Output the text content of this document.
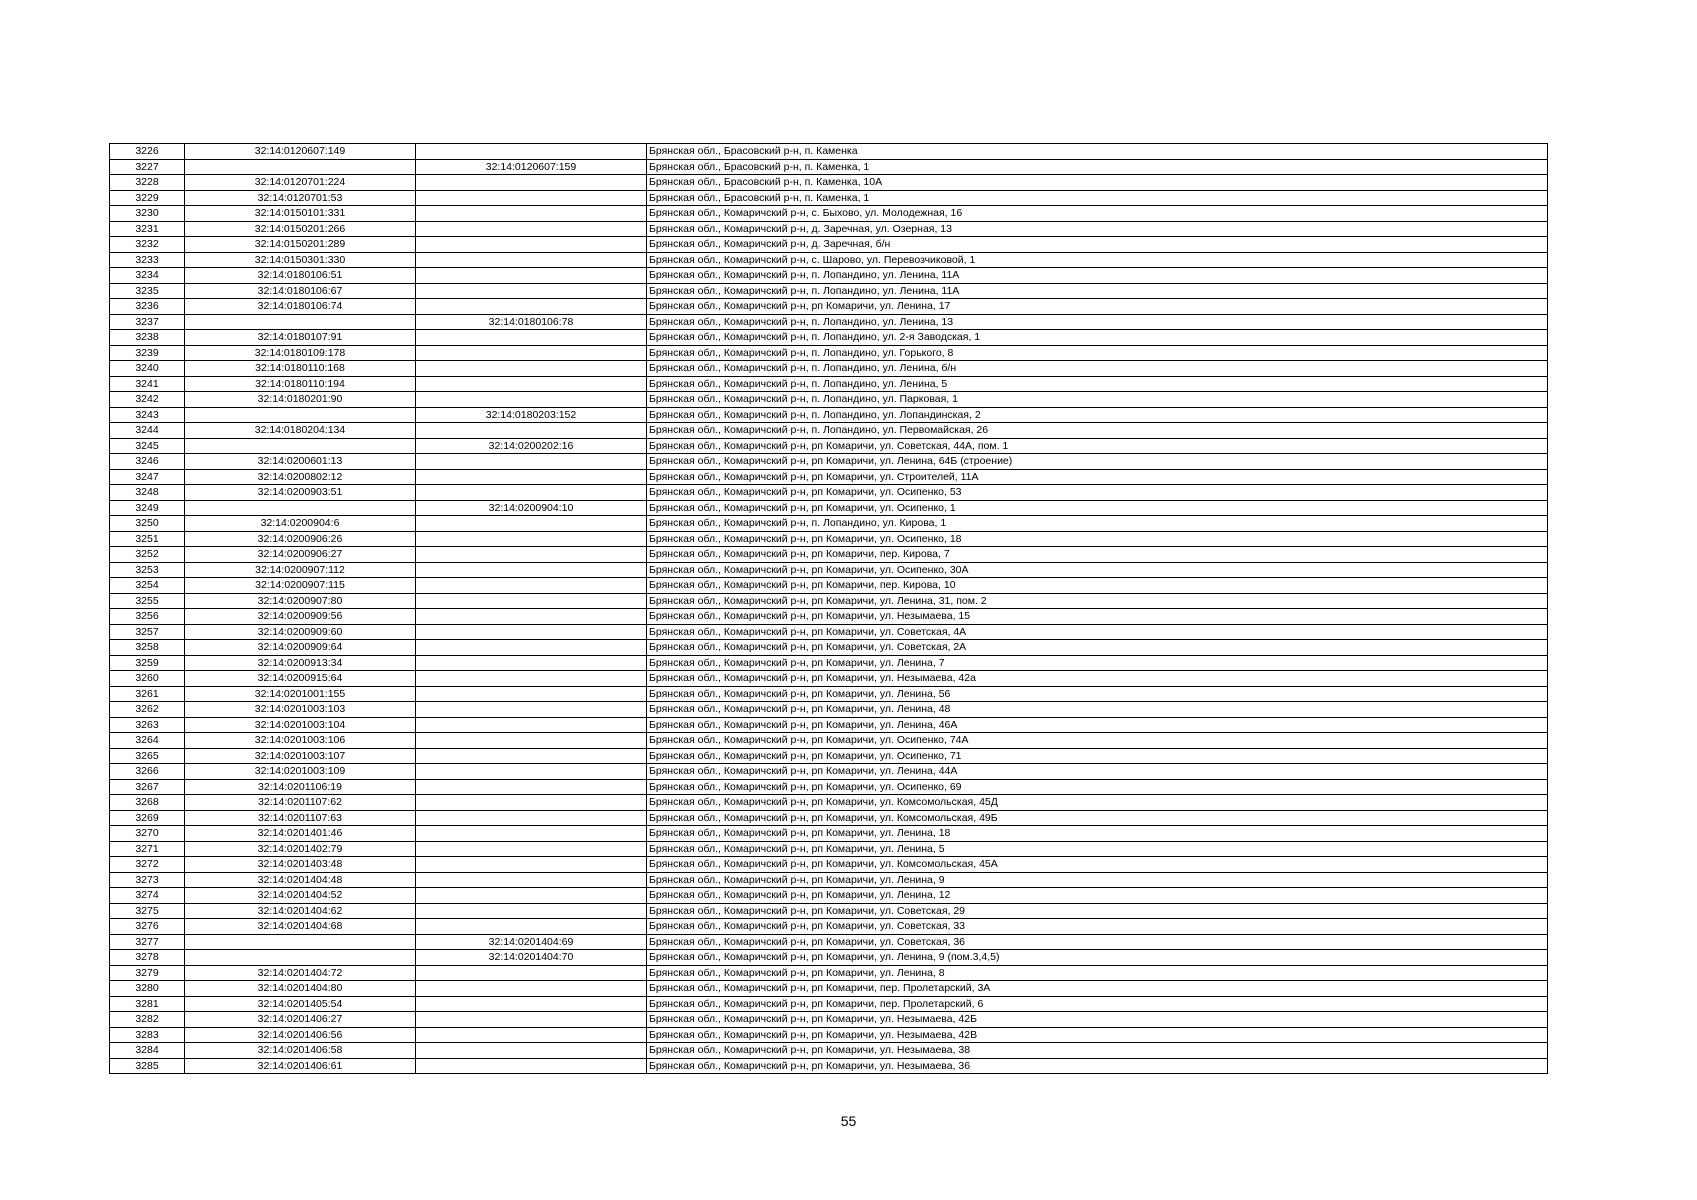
3226	32:14:0120607:149		Брянская обл., Брасовский р-н, п. Каменка
3227		32:14:0120607:159	Брянская обл., Брасовский р-н, п. Каменка, 1
3228	32:14:0120701:224		Брянская обл., Брасовский р-н, п. Каменка, 10А
3229	32:14:0120701:53		Брянская обл., Брасовский р-н, п. Каменка, 1
3230	32:14:0150101:331		Брянская обл., Комаричский р-н, с. Быхово, ул. Молодежная, 16
3231	32:14:0150201:266		Брянская обл., Комаричский р-н, д. Заречная, ул. Озерная, 13
3232	32:14:0150201:289		Брянская обл., Комаричский р-н, д. Заречная, б/н
3233	32:14:0150301:330		Брянская обл., Комаричский р-н, с. Шарово, ул. Перевозчиковой, 1
3234	32:14:0180106:51		Брянская обл., Комаричский р-н, п. Лопандино, ул. Ленина, 11А
3235	32:14:0180106:67		Брянская обл., Комаричский р-н, п. Лопандино, ул. Ленина, 11А
3236	32:14:0180106:74		Брянская обл., Комаричский р-н, рп Комаричи, ул. Ленина, 17
3237		32:14:0180106:78	Брянская обл., Комаричский р-н, п. Лопандино, ул. Ленина, 13
3238	32:14:0180107:91		Брянская обл., Комаричский р-н, п. Лопандино, ул. 2-я Заводская, 1
3239	32:14:0180109:178		Брянская обл., Комаричский р-н, п. Лопандино, ул. Горького, 8
3240	32:14:0180110:168		Брянская обл., Комаричский р-н, п. Лопандино, ул. Ленина, б/н
3241	32:14:0180110:194		Брянская обл., Комаричский р-н, п. Лопандино, ул. Ленина, 5
3242	32:14:0180201:90		Брянская обл., Комаричский р-н, п. Лопандино, ул. Парковая, 1
3243		32:14:0180203:152	Брянская обл., Комаричский р-н, п. Лопандино, ул. Лопандинская, 2
3244	32:14:0180204:134		Брянская обл., Комаричский р-н, п. Лопандино, ул. Первомайская, 26
3245		32:14:0200202:16	Брянская обл., Комаричский р-н, рп Комаричи, ул. Советская, 44А, пом. 1
3246	32:14:0200601:13		Брянская обл., Комаричский р-н, рп Комаричи, ул. Ленина, 64Б (строение)
3247	32:14:0200802:12		Брянская обл., Комаричский р-н, рп Комаричи, ул. Строителей, 11А
3248	32:14:0200903:51		Брянская обл., Комаричский р-н, рп Комаричи, ул. Осипенко, 53
3249		32:14:0200904:10	Брянская обл., Комаричский р-н, рп Комаричи, ул. Осипенко, 1
3250	32:14:0200904:6		Брянская обл., Комаричский р-н, п. Лопандино, ул. Кирова, 1
3251	32:14:0200906:26		Брянская обл., Комаричский р-н, рп Комаричи, ул. Осипенко, 18
3252	32:14:0200906:27		Брянская обл., Комаричский р-н, рп Комаричи, пер. Кирова, 7
3253	32:14:0200907:112		Брянская обл., Комаричский р-н, рп Комаричи, ул. Осипенко, 30А
3254	32:14:0200907:115		Брянская обл., Комаричский р-н, рп Комаричи, пер. Кирова, 10
3255	32:14:0200907:80		Брянская обл., Комаричский р-н, рп Комаричи, ул. Ленина, 31, пом. 2
3256	32:14:0200909:56		Брянская обл., Комаричский р-н, рп Комаричи, ул. Незымаева, 15
3257	32:14:0200909:60		Брянская обл., Комаричский р-н, рп Комаричи, ул. Советская, 4А
3258	32:14:0200909:64		Брянская обл., Комаричский р-н, рп Комаричи, ул. Советская, 2А
3259	32:14:0200913:34		Брянская обл., Комаричский р-н, рп Комаричи, ул. Ленина, 7
3260	32:14:0200915:64		Брянская обл., Комаричский р-н, рп Комаричи, ул. Незымаева, 42а
3261	32:14:0201001:155		Брянская обл., Комаричский р-н, рп Комаричи, ул. Ленина, 56
3262	32:14:0201003:103		Брянская обл., Комаричский р-н, рп Комаричи, ул. Ленина, 48
3263	32:14:0201003:104		Брянская обл., Комаричский р-н, рп Комаричи, ул. Ленина, 46А
3264	32:14:0201003:106		Брянская обл., Комаричский р-н, рп Комаричи, ул. Осипенко, 74А
3265	32:14:0201003:107		Брянская обл., Комаричский р-н, рп Комаричи, ул. Осипенко, 71
3266	32:14:0201003:109		Брянская обл., Комаричский р-н, рп Комаричи, ул. Ленина, 44А
3267	32:14:0201106:19		Брянская обл., Комаричский р-н, рп Комаричи, ул. Осипенко, 69
3268	32:14:0201107:62		Брянская обл., Комаричский р-н, рп Комаричи, ул. Комсомольская, 45Д
3269	32:14:0201107:63		Брянская обл., Комаричский р-н, рп Комаричи, ул. Комсомольская, 49Б
3270	32:14:0201401:46		Брянская обл., Комаричский р-н, рп Комаричи, ул. Ленина, 18
3271	32:14:0201402:79		Брянская обл., Комаричский р-н, рп Комаричи, ул. Ленина, 5
3272	32:14:0201403:48		Брянская обл., Комаричский р-н, рп Комаричи, ул. Комсомольская, 45А
3273	32:14:0201404:48		Брянская обл., Комаричский р-н, рп Комаричи, ул. Ленина, 9
3274	32:14:0201404:52		Брянская обл., Комаричский р-н, рп Комаричи, ул. Ленина, 12
3275	32:14:0201404:62		Брянская обл., Комаричский р-н, рп Комаричи, ул. Советская, 29
3276	32:14:0201404:68		Брянская обл., Комаричский р-н, рп Комаричи, ул. Советская, 33
3277		32:14:0201404:69	Брянская обл., Комаричский р-н, рп Комаричи, ул. Советская, 36
3278		32:14:0201404:70	Брянская обл., Комаричский р-н, рп Комаричи, ул. Ленина, 9 (пом.3,4,5)
3279	32:14:0201404:72		Брянская обл., Комаричский р-н, рп Комаричи, ул. Ленина, 8
3280	32:14:0201404:80		Брянская обл., Комаричский р-н, рп Комаричи, пер. Пролетарский, 3А
3281	32:14:0201405:54		Брянская обл., Комаричский р-н, рп Комаричи, пер. Пролетарский, 6
3282	32:14:0201406:27		Брянская обл., Комаричский р-н, рп Комаричи, ул. Незымаева, 42Б
3283	32:14:0201406:56		Брянская обл., Комаричский р-н, рп Комаричи, ул. Незымаева, 42В
3284	32:14:0201406:58		Брянская обл., Комаричский р-н, рп Комаричи, ул. Незымаева, 38
3285	32:14:0201406:61		Брянская обл., Комаричский р-н, рп Комаричи, ул. Незымаева, 36
55
